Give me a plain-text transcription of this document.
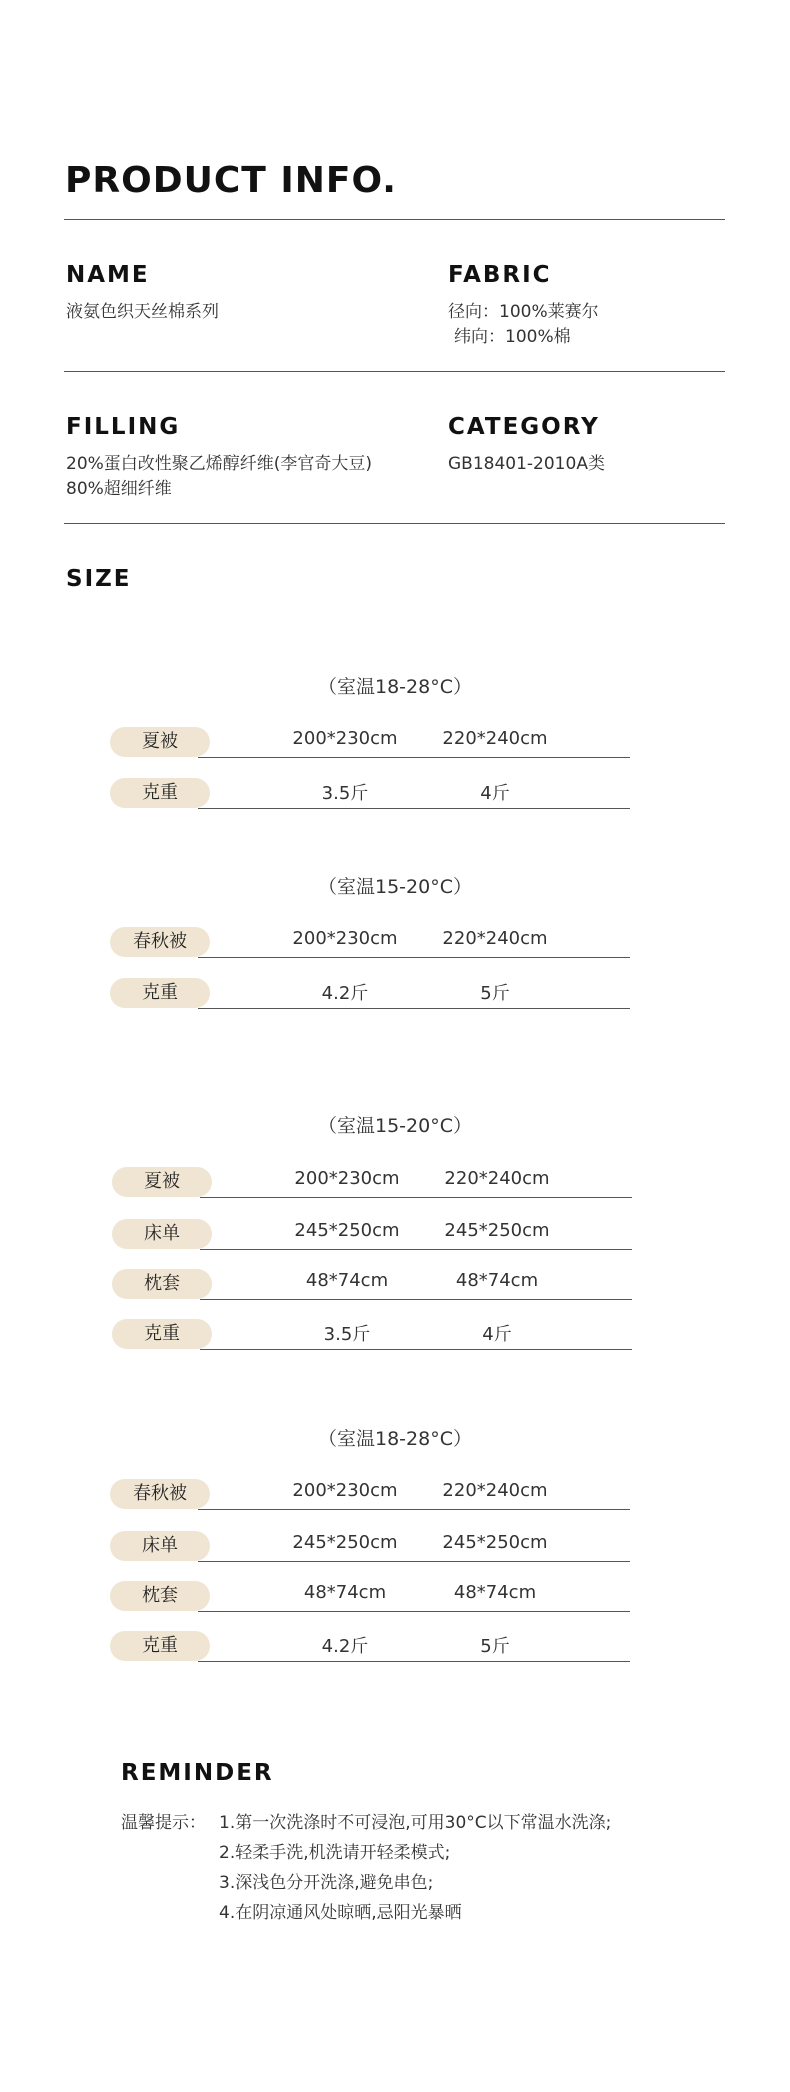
PRODUCT INFO.
NAME
液氨色织天丝棉系列
FABRIC
径向：100%莱赛尔
纬向：100%棉
FILLING
20%蛋白改性聚乙烯醇纤维(李官奇大豆)
80%超细纤维
CATEGORY
GB18401-2010A类
SIZE
（室温18-28°C）
夏被	200*230cm	220*240cm
克重	3.5斤	4斤
（室温15-20°C）
春秋被	200*230cm	220*240cm
克重	4.2斤	5斤
（室温15-20°C）
夏被	200*230cm	220*240cm
床单	245*250cm	245*250cm
枕套	48*74cm	48*74cm
克重	3.5斤	4斤
（室温18-28°C）
春秋被	200*230cm	220*240cm
床单	245*250cm	245*250cm
枕套	48*74cm	48*74cm
克重	4.2斤	5斤
REMINDER
温馨提示： 1.第一次洗涤时不可浸泡,可用30°C以下常温水洗涤;
2.轻柔手洗,机洗请开轻柔模式;
3.深浅色分开洗涤,避免串色;
4.在阴凉通风处晾晒,忌阳光暴晒
